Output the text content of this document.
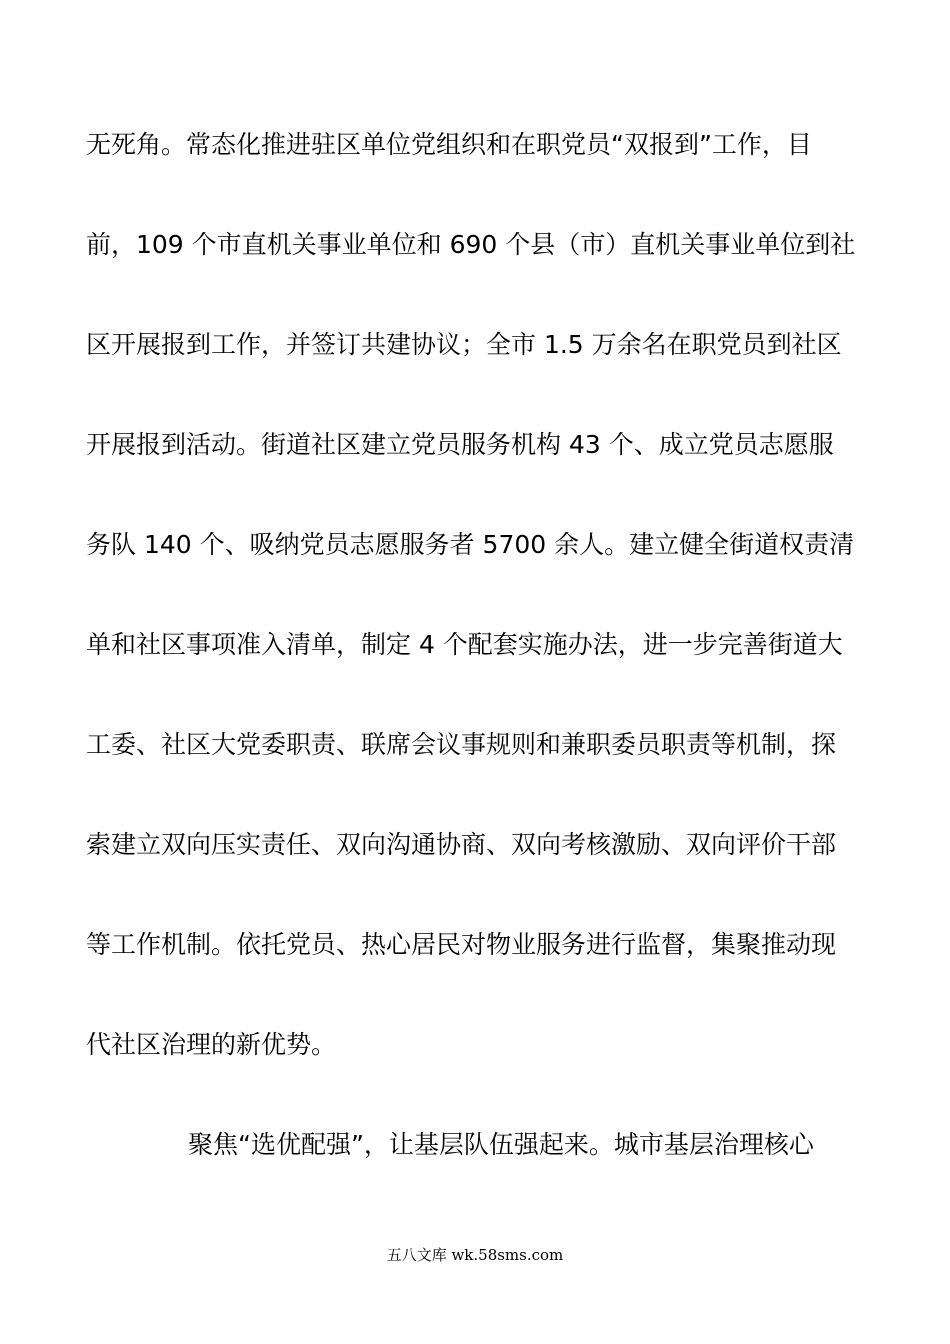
无死角。常态化推进驻区单位党组织和在职党员“双报到”工作，目
前，109 个市直机关事业单位和 690 个县（市）直机关事业单位到社
区开展报到工作，并签订共建协议；全市 1.5 万余名在职党员到社区
开展报到活动。街道社区建立党员服务机构 43 个、成立党员志愿服
务队 140 个、吸纳党员志愿服务者 5700 余人。建立健全街道权责清
单和社区事项准入清单，制定 4 个配套实施办法，进一步完善街道大
工委、社区大党委职责、联席会议事规则和兼职委员职责等机制，探
索建立双向压实责任、双向沟通协商、双向考核激励、双向评价干部
等工作机制。依托党员、热心居民对物业服务进行监督，集聚推动现
代社区治理的新优势。
聚焦“选优配强”，让基层队伍强起来。城市基层治理核心
五八文库 wk.58sms.com
